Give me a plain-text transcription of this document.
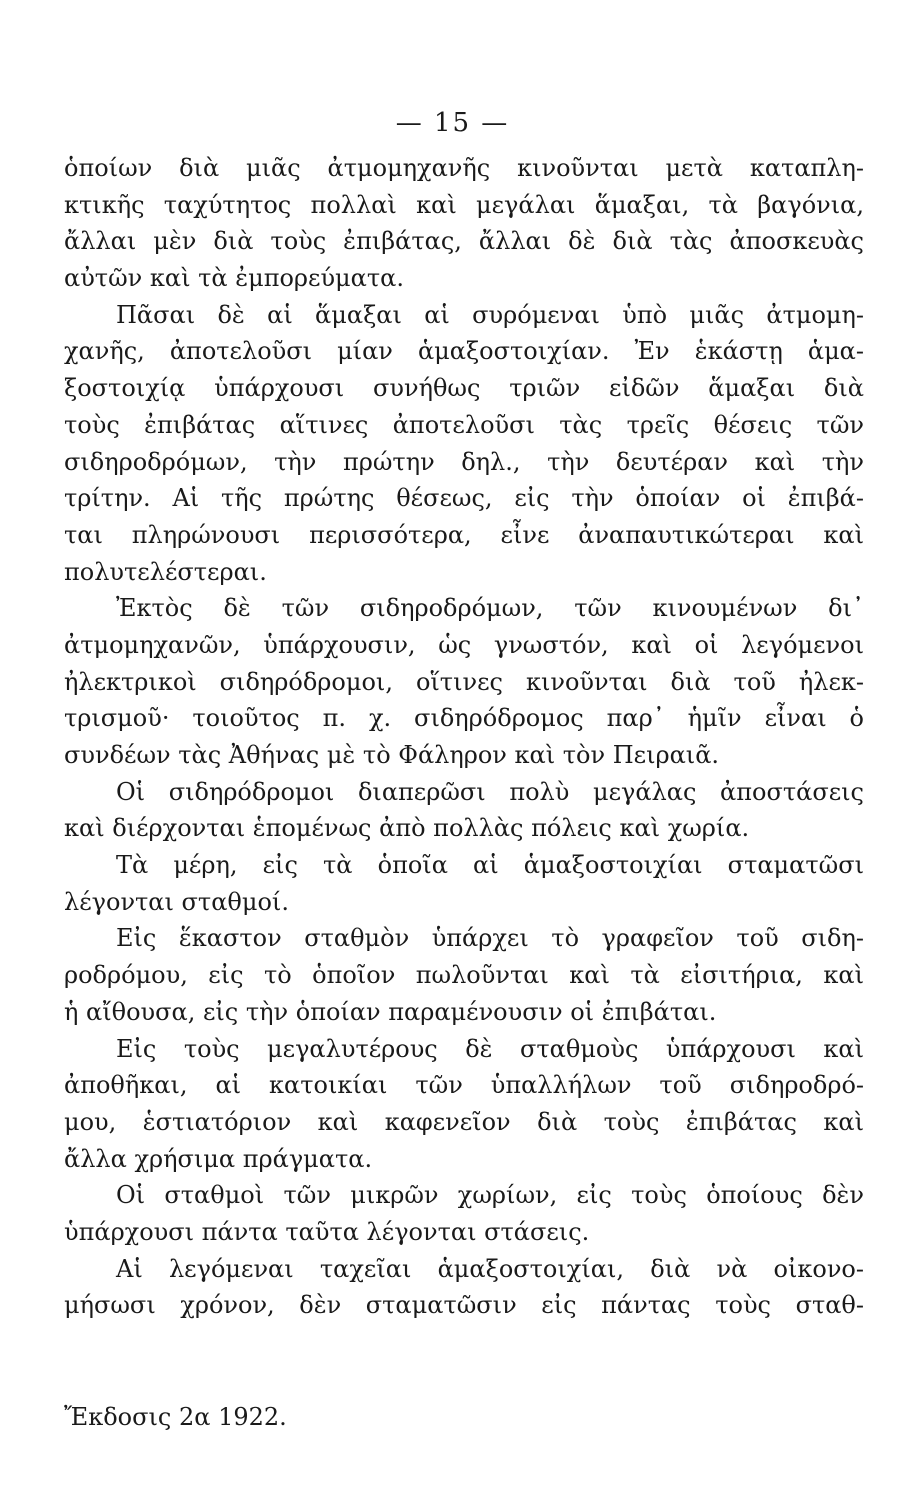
— 15 —
ὁποίων διὰ μιᾶς ἀτμομηχανῆς κινοῦνται μετὰ καταπλη-
κτικῆς ταχύτητος πολλαὶ καὶ μεγάλαι ἅμαξαι, τὰ βαγόνια,
ἄλλαι μὲν διὰ τοὺς ἐπιβάτας, ἄλλαι δὲ διὰ τὰς ἀποσκευὰς
αὐτῶν καὶ τὰ ἐμπορεύματα.
Πᾶσαι δὲ αἱ ἅμαξαι αἱ συρόμεναι ὑπὸ μιᾶς ἀτμομη-
χανῆς, ἀποτελοῦσι μίαν ἁμαξοστοιχίαν. Ἐν ἑκάστῃ ἁμα-
ξοστοιχίᾳ ὑπάρχουσι συνήθως τριῶν εἰδῶν ἅμαξαι διὰ
τοὺς ἐπιβάτας αἵτινες ἀποτελοῦσι τὰς τρεῖς θέσεις τῶν
σιδηροδρόμων, τὴν πρώτην δηλ., τὴν δευτέραν καὶ τὴν
τρίτην. Αἱ τῆς πρώτης θέσεως, εἰς τὴν ὁποίαν οἱ ἐπιβά-
ται πληρώνουσι περισσότερα, εἶνε ἀναπαυτικώτεραι καὶ
πολυτελέστεραι.
Ἐκτὸς δὲ τῶν σιδηροδρόμων, τῶν κινουμένων δι᾽
ἀτμομηχανῶν, ὑπάρχουσιν, ὡς γνωστόν, καὶ οἱ λεγόμενοι
ἠλεκτρικοὶ σιδηρόδρομοι, οἵτινες κινοῦνται διὰ τοῦ ἠλεκ-
τρισμοῦ· τοιοῦτος π. χ. σιδηρόδρομος παρ᾽ ἡμῖν εἶναι ὁ
συνδέων τὰς Ἀθήνας μὲ τὸ Φάληρον καὶ τὸν Πειραιᾶ.
Οἱ σιδηρόδρομοι διαπερῶσι πολὺ μεγάλας ἀποστάσεις
καὶ διέρχονται ἑπομένως ἀπὸ πολλὰς πόλεις καὶ χωρία.
Τὰ μέρη, εἰς τὰ ὁποῖα αἱ ἁμαξοστοιχίαι σταματῶσι
λέγονται σταθμοί.
Εἰς ἕκαστον σταθμὸν ὑπάρχει τὸ γραφεῖον τοῦ σιδη-
ροδρόμου, εἰς τὸ ὁποῖον πωλοῦνται καὶ τὰ εἰσιτήρια, καὶ
ἡ αἴθουσα, εἰς τὴν ὁποίαν παραμένουσιν οἱ ἐπιβάται.
Εἰς τοὺς μεγαλυτέρους δὲ σταθμοὺς ὑπάρχουσι καὶ
ἀποθῆκαι, αἱ κατοικίαι τῶν ὑπαλλήλων τοῦ σιδηροδρό-
μου, ἑστιατόριον καὶ καφενεῖον διὰ τοὺς ἐπιβάτας καὶ
ἄλλα χρήσιμα πράγματα.
Οἱ σταθμοὶ τῶν μικρῶν χωρίων, εἰς τοὺς ὁποίους δὲν
ὑπάρχουσι πάντα ταῦτα λέγονται στάσεις.
Αἱ λεγόμεναι ταχεῖαι ἁμαξοστοιχίαι, διὰ νὰ οἰκονο-
μήσωσι χρόνον, δὲν σταματῶσιν εἰς πάντας τοὺς σταθ-
Ἔκδοσις 2α 1922.
